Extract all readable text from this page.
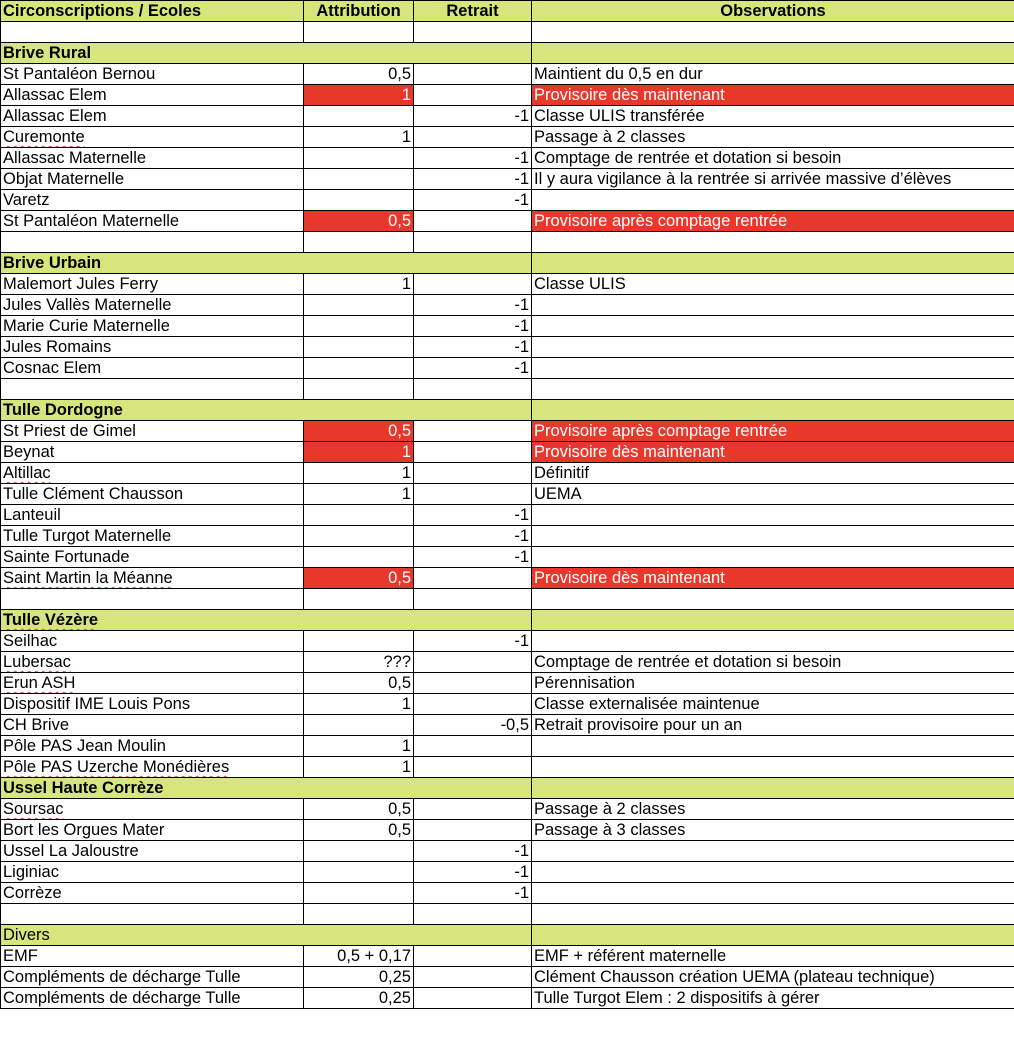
Circonscriptions / Ecoles	Attribution	Retrait	Observations

Brive Rural			
St Pantaléon Bernou	0,5		Maintient du 0,5 en dur
Allassac Elem	1		Provisoire dès maintenant
Allassac Elem		-1	Classe ULIS transférée
Curemonte	1		Passage à 2 classes
Allassac Maternelle		-1	Comptage de rentrée et dotation si besoin
Objat Maternelle		-1	Il y aura vigilance à la rentrée si arrivée massive d’élèves
Varetz		-1	
St Pantaléon Maternelle	0,5		Provisoire après comptage rentrée

Brive Urbain			
Malemort Jules Ferry	1		Classe ULIS
Jules Vallès Maternelle		-1	
Marie Curie Maternelle		-1	
Jules Romains		-1	
Cosnac Elem		-1	

Tulle Dordogne			
St Priest de Gimel	0,5		Provisoire après comptage rentrée
Beynat	1		Provisoire dès maintenant
Altillac	1		Définitif
Tulle Clément Chausson	1		UEMA
Lanteuil		-1	
Tulle Turgot Maternelle		-1	
Sainte Fortunade		-1	
Saint Martin la Méanne	0,5		Provisoire dès maintenant

Tulle Vézère			
Seilhac		-1	
Lubersac	???		Comptage de rentrée et dotation si besoin
Erun ASH	0,5		Pérennisation
Dispositif IME Louis Pons	1		Classe externalisée maintenue
CH Brive		-0,5	Retrait provisoire pour un an
Pôle PAS Jean Moulin	1		
Pôle PAS Uzerche Monédières	1		
Ussel Haute Corrèze			
Soursac	0,5		Passage à 2 classes
Bort les Orgues Mater	0,5		Passage à 3 classes
Ussel La Jaloustre		-1	
Liginiac		-1	
Corrèze		-1	

Divers			
EMF	0,5 + 0,17		EMF + référent maternelle
Compléments de décharge Tulle	0,25		Clément Chausson création UEMA (plateau technique)
Compléments de décharge Tulle	0,25		Tulle Turgot Elem : 2 dispositifs à gérer
